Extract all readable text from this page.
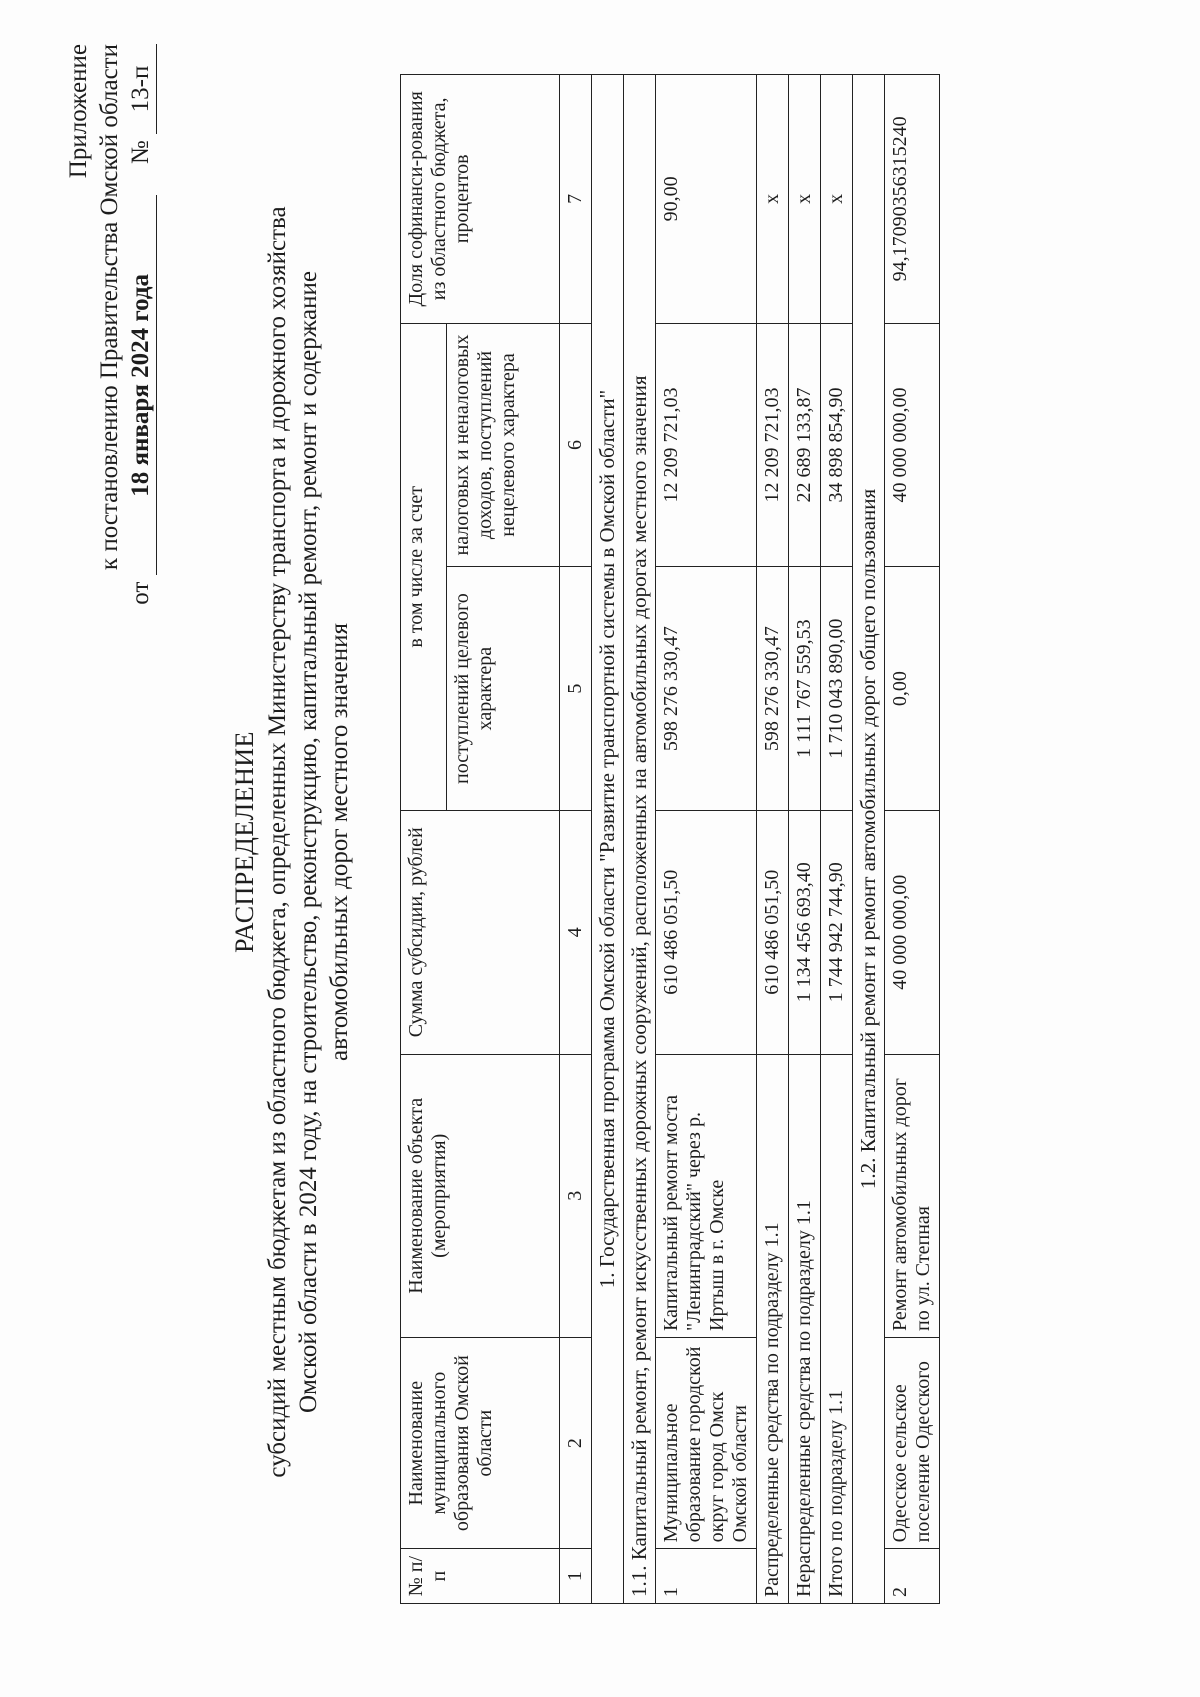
Приложение к постановлению Правительства Омской области
от 18 января 2024 года     № 13-п
РАСПРЕДЕЛЕНИЕ субсидий местным бюджетам из областного бюджета, определенных Министерству транспорта и дорожного хозяйства Омской области в 2024 году, на строительство, реконструкцию, капитальный ремонт, ремонт и содержание автомобильных дорог местного значения
№ п/п	Наименование муниципального образования Омской области	Наименование объекта (мероприятия)	Сумма субсидии, рублей	в том числе за счет		Доля софинанси-рования из областного бюджета, процентов
				поступлений целевого характера	налоговых и неналоговых доходов, поступлений нецелевого характера	
1	2	3	4	5	6	7
1. Государственная программа Омской области "Развитие транспортной системы в Омской области"						
1.1. Капитальный ремонт, ремонт искусственных дорожных сооружений, расположенных на автомобильных дорогах местного значения						
1	Муниципальное образование городской округ город Омск Омской области	Капитальный ремонт моста "Ленинградский" через р. Иртыш в г. Омске	610 486 051,50	598 276 330,47	12 209 721,03	90,00
Распределенные средства по подразделу 1.1			610 486 051,50	598 276 330,47	12 209 721,03	x
Нераспределенные средства по подразделу 1.1			1 134 456 693,40	1 111 767 559,53	22 689 133,87	x
Итого по подразделу 1.1			1 744 942 744,90	1 710 043 890,00	34 898 854,90	x
1.2. Капитальный ремонт и ремонт автомобильных дорог общего пользования						
2	Одесское сельское поселение Одесского	Ремонт автомобильных дорог по ул. Степная	40 000 000,00	0,00	40 000 000,00	94,17090356315240
